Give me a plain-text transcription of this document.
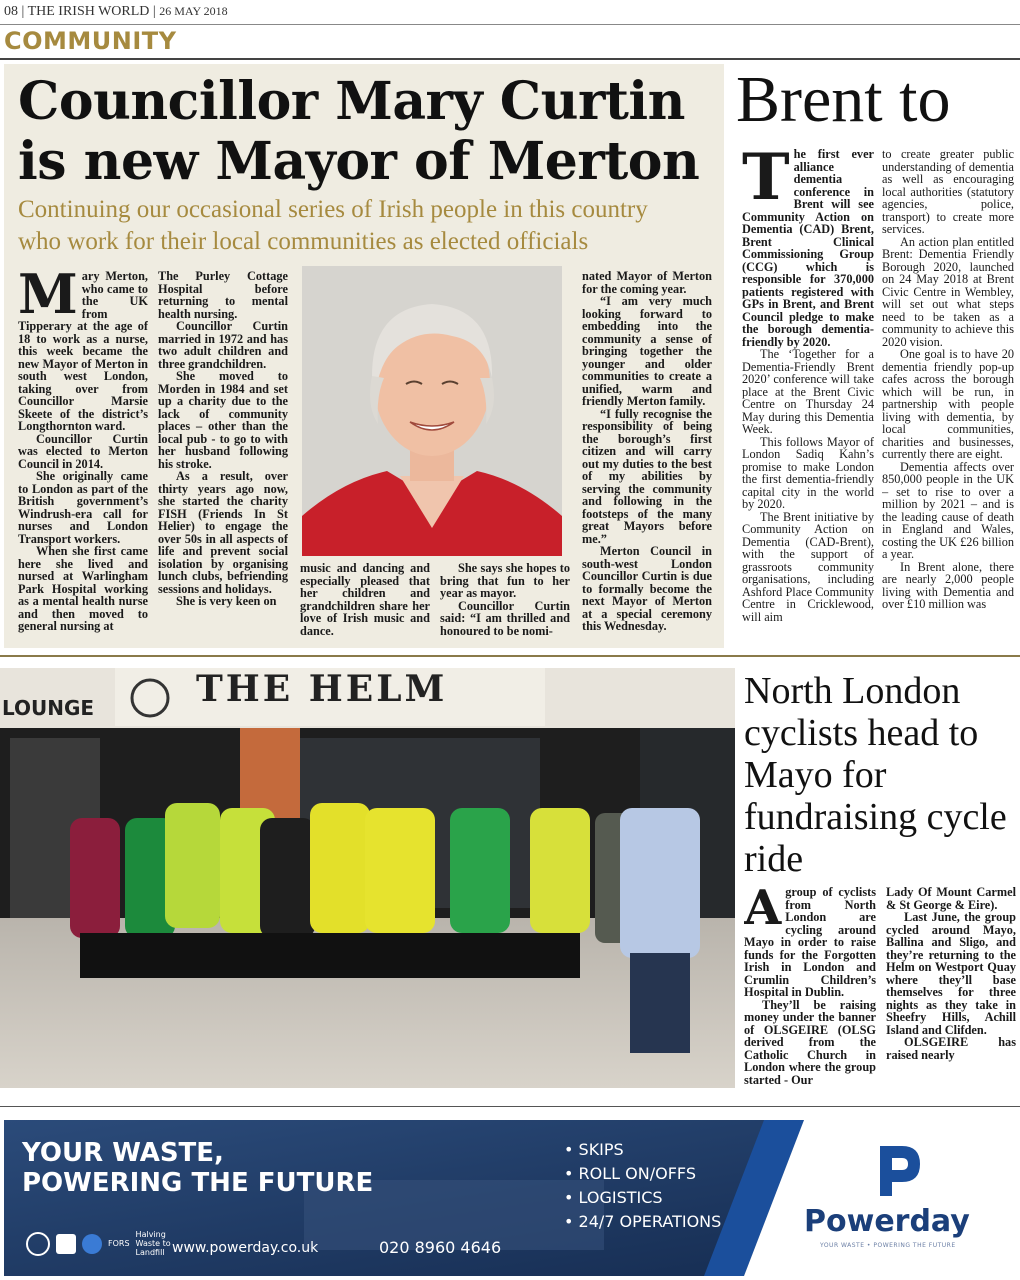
08 | THE IRISH WORLD | 26 MAY 2018
COMMUNITY
Councillor Mary Curtin
is new Mayor of Merton
Continuing our occasional series of Irish people in this country
who work for their local communities as elected officials

Mary Merton, who came to the UK from Tipperary at the age of 18 to work as a nurse, this week became the new Mayor of Merton in south west London, taking over from Councillor Marsie Skeete of the district’s Longthornton ward.

Councillor Curtin was elected to Merton Council in 2014.

She originally came to London as part of the British government’s Windrush-era call for nurses and London Transport workers.

When she first came here she lived and nursed at Warlingham Park Hospital working as a mental health nurse and then moved to general nursing at

The Purley Cottage Hospital before returning to mental health nursing.

Councillor Curtin married in 1972 and has two adult children and three grandchildren.

She moved to Morden in 1984 and set up a charity due to the lack of community places – other than the local pub - to go to with her husband following his stroke.

As a result, over thirty years ago now, she started the charity FISH (Friends In St Helier) to engage the over 50s in all aspects of life and prevent social isolation by organising lunch clubs, befriending sessions and holidays.

She is very keen on

music and dancing and especially pleased that her children and grandchildren share her love of Irish music and dance.

She says she hopes to bring that fun to her year as mayor.

Councillor Curtin said: “I am thrilled and honoured to be nomi-

nated Mayor of Merton for the coming year.

“I am very much looking forward to embedding into the community a sense of bringing together the younger and older communities to create a unified, warm and friendly Merton family.

“I fully recognise the responsibility of being the borough’s first citizen and will carry out my duties to the best of my abilities by serving the community and following in the footsteps of the many great Mayors before me.”

Merton Council in south-west London Councillor Curtin is due to formally become the next Mayor of Merton at a special ceremony this Wednesday.

Brent to

The first ever alliance dementia conference in Brent will see Community Action on Dementia (CAD) Brent, Brent Clinical Commissioning Group (CCG) which is responsible for 370,000 patients registered with GPs in Brent, and Brent Council pledge to make the borough dementia-friendly by 2020.

The ‘Together for a Dementia-Friendly Brent 2020’ conference will take place at the Brent Civic Centre on Thursday 24 May during this Dementia Week.

This follows Mayor of London Sadiq Kahn’s promise to make London the first dementia-friendly capital city in the world by 2020.

The Brent initiative by Community Action on Dementia (CAD-Brent), with the support of grassroots community organisations, including Ashford Place Community Centre in Cricklewood, will aim

to create greater public understanding of dementia as well as encouraging local authorities (statutory agencies, police, transport) to create more services.

An action plan entitled Brent: Dementia Friendly Borough 2020, launched on 24 May 2018 at Brent Civic Centre in Wembley, will set out what steps need to be taken as a community to achieve this 2020 vision.

One goal is to have 20 dementia friendly pop-up cafes across the borough which will be run, in partnership with people living with dementia, by local communities, charities and businesses, currently there are eight.

Dementia affects over 850,000 people in the UK – set to rise to over a million by 2021 – and is the leading cause of death in England and Wales, costing the UK £26 billion a year.

In Brent alone, there are nearly 2,000 people living with Dementia and over £10 million was

THE HELM
LOUNGE	North London cyclists head to Mayo for fundraising cycle ride

Agroup of cyclists from North London are cycling around Mayo in order to raise funds for the Forgotten Irish in London and Crumlin Children’s Hospital in Dublin.

They’ll be raising money under the banner of OLSGEIRE (OLSG derived from the Catholic Church in London where the group started - Our

Lady Of Mount Carmel & St George & Eire).

Last June, the group cycled around Mayo, Ballina and Sligo, and they’re returning to the Helm on Westport Quay where they’ll base themselves for three nights as they take in Sheefry Hills, Achill Island and Clifden.

OLSGEIRE has raised nearly

YOUR WASTE,
POWERING THE FUTURE
• SKIPS
• ROLL ON/OFFS
• LOGISTICS
• 24/7 OPERATIONS
FORS
Halving Waste to Landfill www.powerday.co.uk	020 8960 4646
Powerday
YOUR WASTE • POWERING THE FUTURE
